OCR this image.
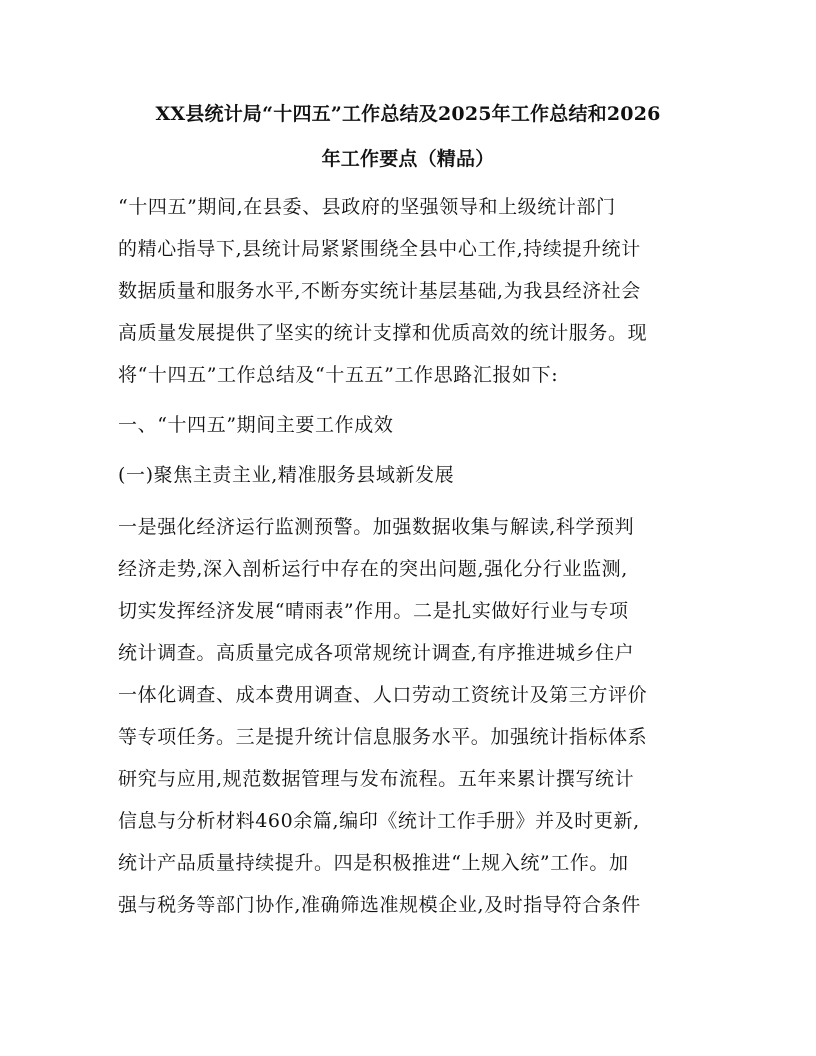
XX县统计局“十四五”工作总结及2025年工作总结和2026
年工作要点（精品）

“十四五”期间,在县委、县政府的坚强领导和上级统计部门
的精心指导下,县统计局紧紧围绕全县中心工作,持续提升统计
数据质量和服务水平,不断夯实统计基层基础,为我县经济社会
高质量发展提供了坚实的统计支撑和优质高效的统计服务。现
将“十四五”工作总结及“十五五”工作思路汇报如下:

一、“十四五”期间主要工作成效

(一)聚焦主责主业,精准服务县域新发展

一是强化经济运行监测预警。加强数据收集与解读,科学预判
经济走势,深入剖析运行中存在的突出问题,强化分行业监测,
切实发挥经济发展“晴雨表”作用。二是扎实做好行业与专项
统计调查。高质量完成各项常规统计调查,有序推进城乡住户
一体化调查、成本费用调查、人口劳动工资统计及第三方评价
等专项任务。三是提升统计信息服务水平。加强统计指标体系
研究与应用,规范数据管理与发布流程。五年来累计撰写统计
信息与分析材料460余篇,编印《统计工作手册》并及时更新,
统计产品质量持续提升。四是积极推进“上规入统”工作。加
强与税务等部门协作,准确筛选准规模企业,及时指导符合条件
